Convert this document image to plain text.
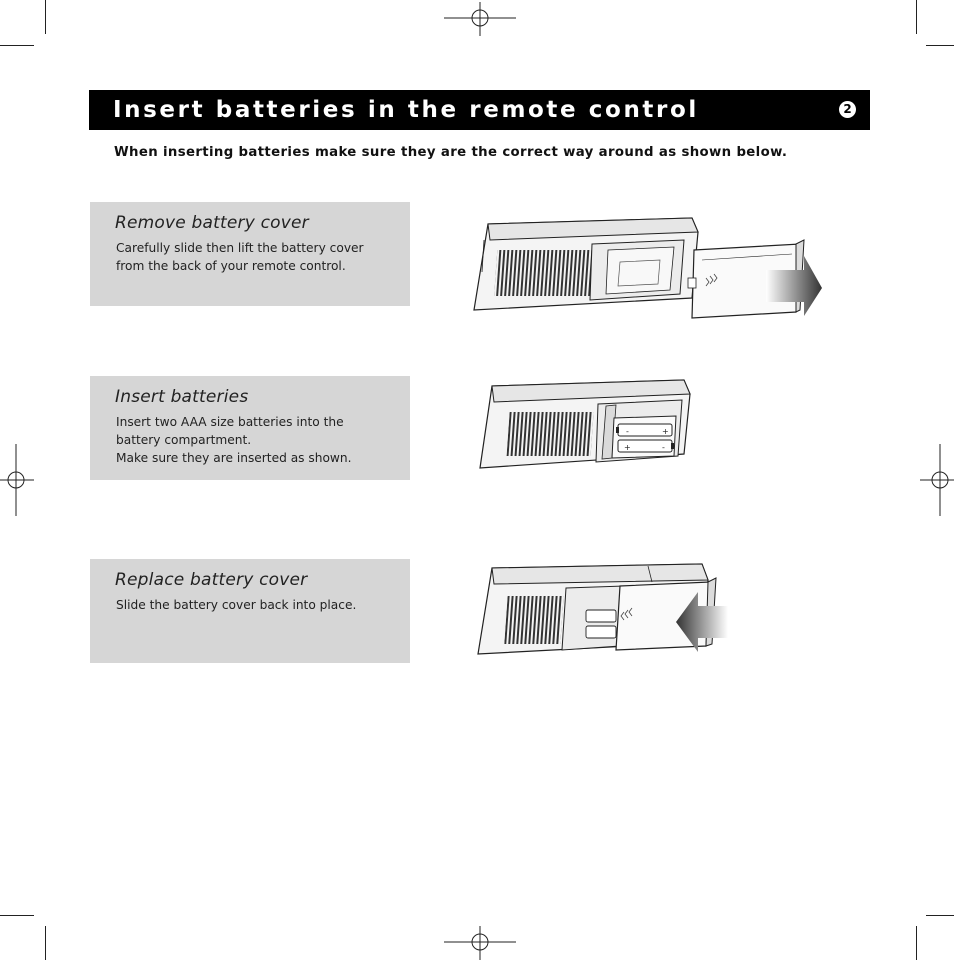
Insert batteries in the remote control	2
When inserting batteries make sure they are the correct way around as shown below.
Remove battery cover
Carefully slide then lift the battery cover
from the back of your remote control.
Insert batteries
Insert two AAA size batteries into the
battery compartment.
Make sure they are inserted as shown.
Replace battery cover
Slide the battery cover back into place.
-	+
+	-
